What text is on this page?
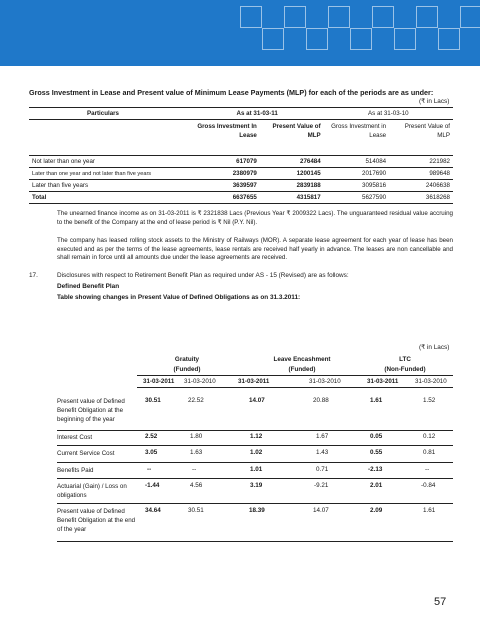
Gross Investment in Lease and Present value of Minimum Lease Payments (MLP) for each of the periods are as under:
(₹ in Lacs)
Particulars	As at 31-03-11		As at 31-03-10	
	Gross Investment In Lease	Present Value of MLP	Gross Investment in Lease	Present Value of MLP
Not later than one year	617079	276484	514084	221982
Later than one year and not later than five years	2380979	1200145	2017690	989648
Later than five years	3639597	2839188	3095816	2406638
Total	6637655	4315817	5627590	3618268
The unearned finance income as on 31-03-2011 is ₹ 2321838 Lacs (Previous Year ₹ 2009322 Lacs). The unguaranteed residual value accruing to the benefit of the Company at the end of lease period is ₹ Nil (P.Y. Nil).
The company has leased rolling stock assets to the Ministry of Railways (MOR). A separate lease agreement for each year of lease has been executed and as per the terms of the lease agreements, lease rentals are received half yearly in advance. The leases are non cancellable and shall remain in force until all amounts due under the lease agreements are received.
17.	Disclosures with respect to Retirement Benefit Plan as required under AS - 15 (Revised) are as follows:
Defined Benefit Plan
Table showing changes in Present Value of Defined Obligations as on 31.3.2011:
(₹ in Lacs)
Gratuity
(Funded)
Leave Encashment
(Funded)
LTC
(Non-Funded)
31-03-2011 31-03-2010	31-03-2011	31-03-2010	31-03-2011	31-03-2010
Present value of Defined Benefit Obligation at the beginning of the year
30.51	22.52	14.07	20.88	1.61	1.52
Interest Cost	2.52	1.80	1.12	1.67	0.05	0.12
Current Service Cost	3.05	1.63	1.02	1.43	0.55	0.81
Benefits Paid	--	--	1.01	0.71	-2.13	--
Actuarial (Gain) / Loss on obligations
-1.44	4.56	3.19	-9.21	2.01	-0.84
Present value of Defined Benefit Obligation at the end of the year
34.64	30.51	18.39	14.07	2.09	1.61
57
